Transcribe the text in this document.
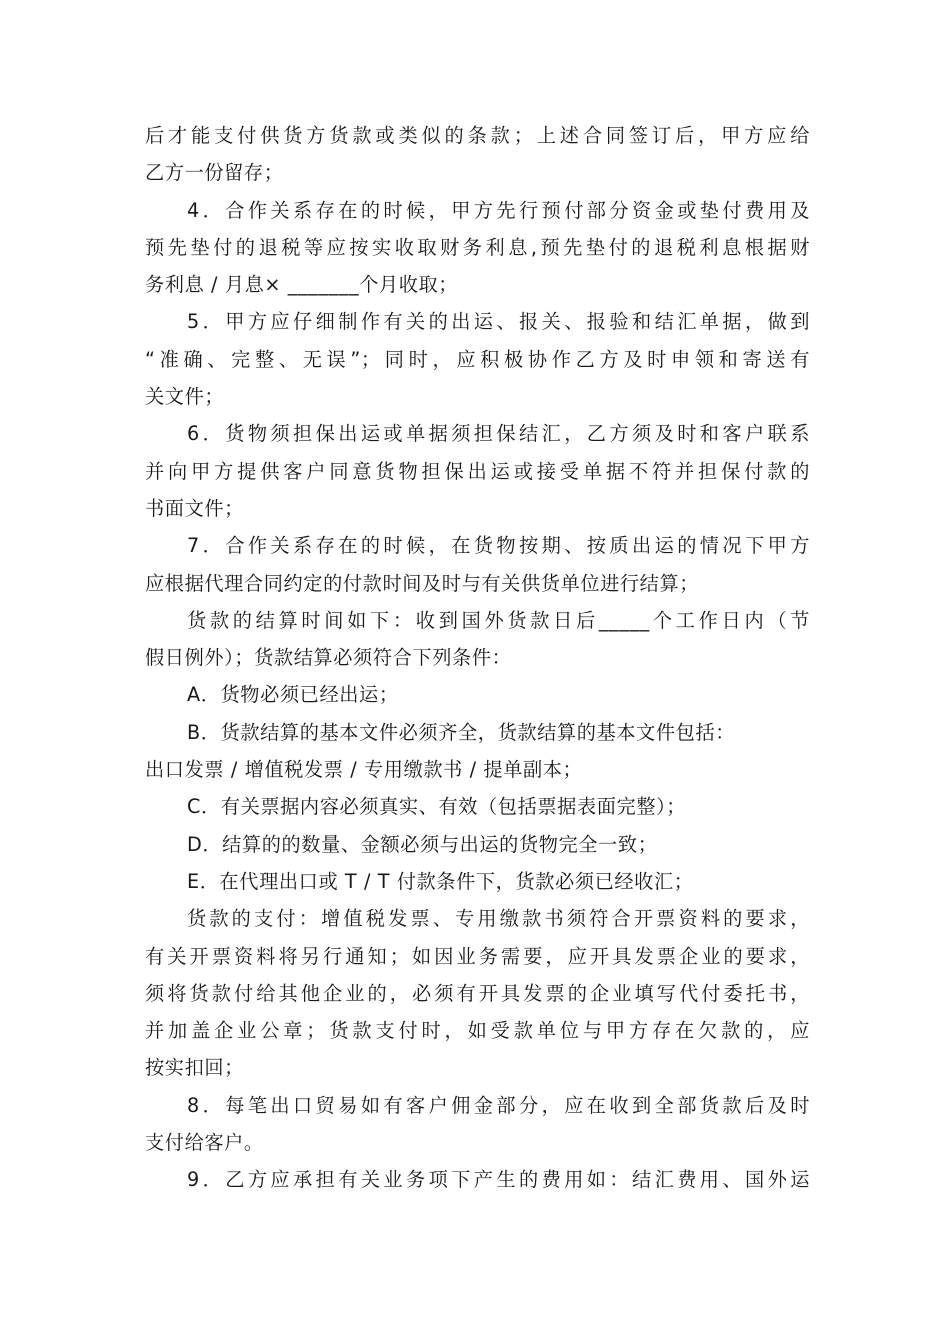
后才能支付供货方货款或类似的条款；上述合同签订后，甲方应给
乙方一份留存；
4．合作关系存在的时候，甲方先行预付部分资金或垫付费用及
预先垫付的退税等应按实收取财务利息,预先垫付的退税利息根据财
务利息 / 月息× _______个月收取；
5．甲方应仔细制作有关的出运、报关、报验和结汇单据，做到
“准确、完整、无误”；同时，应积极协作乙方及时申领和寄送有
关文件；
6．货物须担保出运或单据须担保结汇，乙方须及时和客户联系
并向甲方提供客户同意货物担保出运或接受单据不符并担保付款的
书面文件；
7．合作关系存在的时候，在货物按期、按质出运的情况下甲方
应根据代理合同约定的付款时间及时与有关供货单位进行结算；
货款的结算时间如下：收到国外货款日后_____个工作日内（节
假日例外）；货款结算必须符合下列条件：
A．货物必须已经出运；
B．货款结算的基本文件必须齐全，货款结算的基本文件包括：
出口发票 / 增值税发票 / 专用缴款书 / 提单副本；
C．有关票据内容必须真实、有效（包括票据表面完整）；
D．结算的的数量、金额必须与出运的货物完全一致；
E．在代理出口或 T / T 付款条件下，货款必须已经收汇；
货款的支付：增值税发票、专用缴款书须符合开票资料的要求，
有关开票资料将另行通知；如因业务需要，应开具发票企业的要求，
须将货款付给其他企业的，必须有开具发票的企业填写代付委托书，
并加盖企业公章；货款支付时，如受款单位与甲方存在欠款的，应
按实扣回；
8．每笔出口贸易如有客户佣金部分，应在收到全部货款后及时
支付给客户。
9．乙方应承担有关业务项下产生的费用如：结汇费用、国外运
